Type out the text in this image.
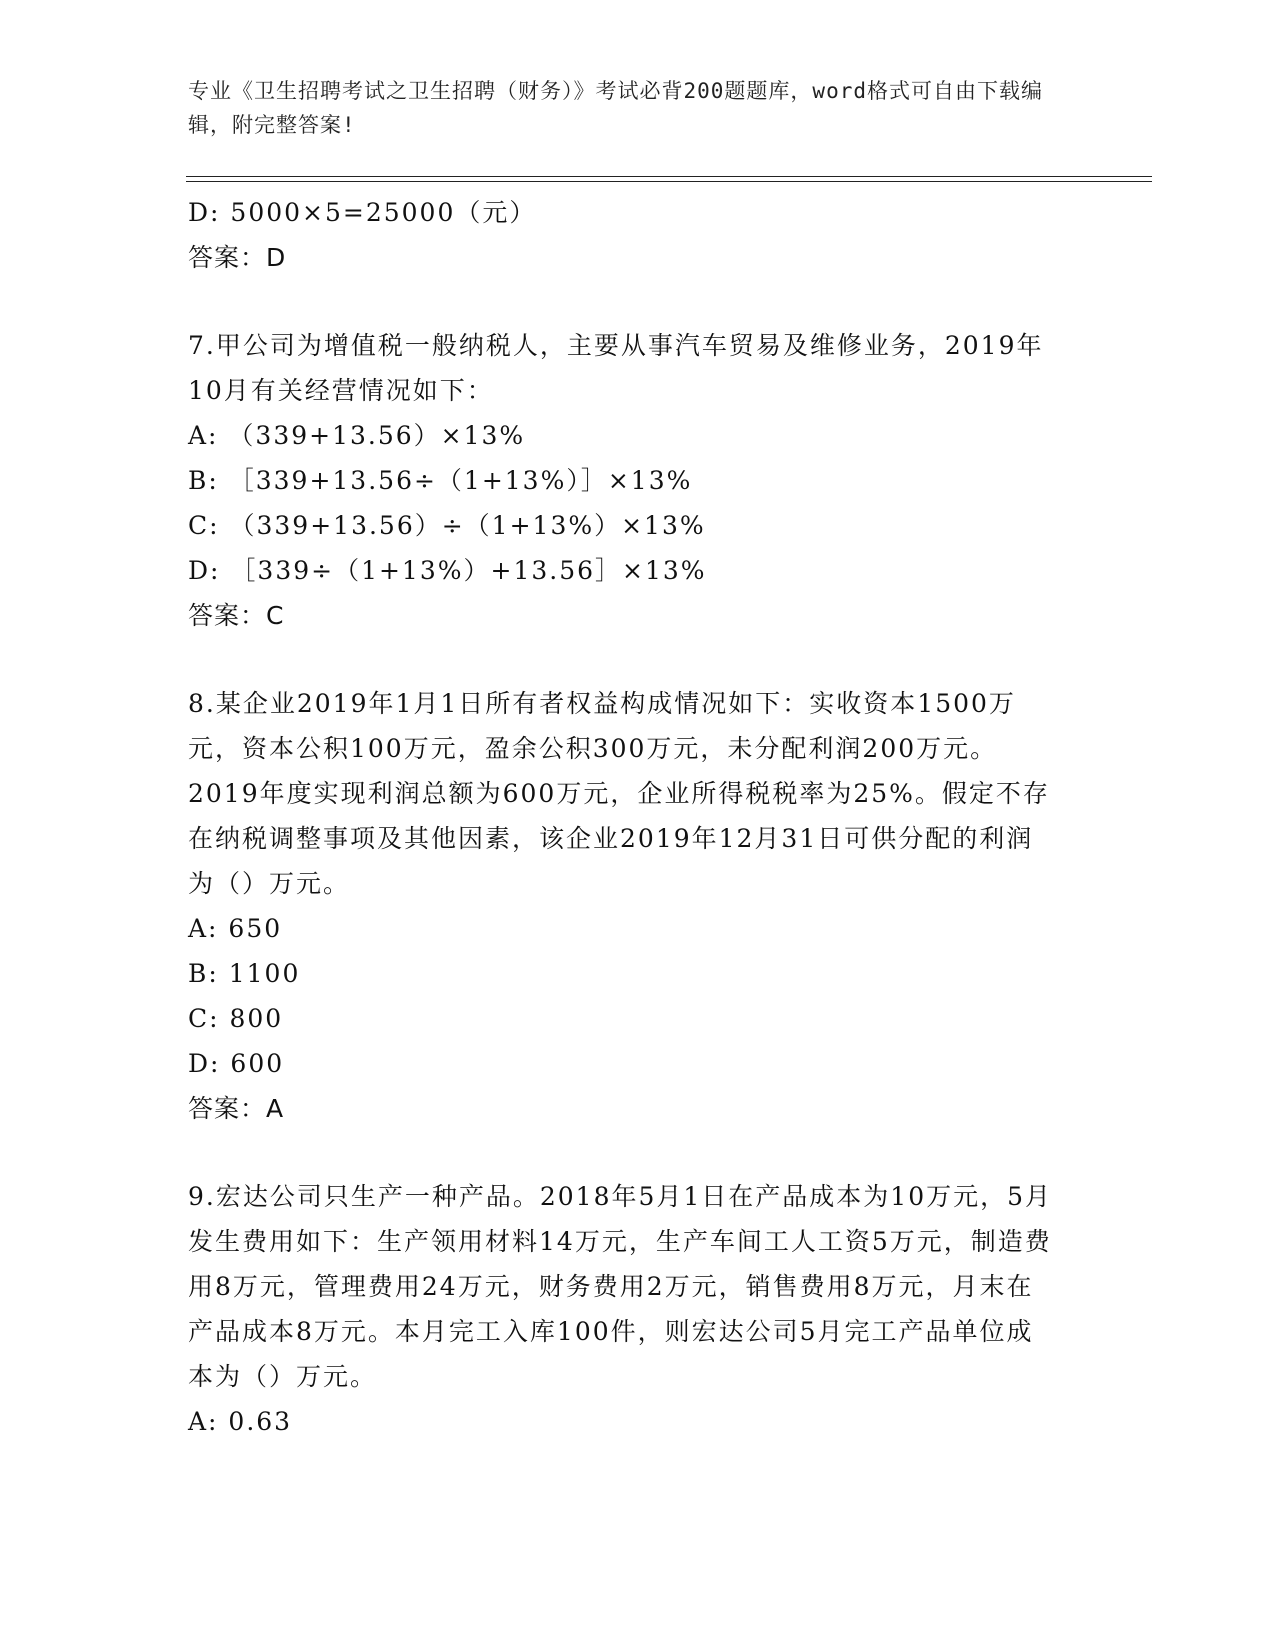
专业《卫生招聘考试之卫生招聘（财务）》考试必背200题题库，word格式可自由下载编辑，附完整答案!
D: 5000×5=25000（元）
答案：D
7.甲公司为增值税一般纳税人，主要从事汽车贸易及维修业务，2019年10月有关经营情况如下：
A: （339+13.56）×13%
B: ［339+13.56÷（1+13%）］×13%
C: （339+13.56）÷（1+13%）×13%
D: ［339÷（1+13%）+13.56］×13%
答案：C
8.某企业2019年1月1日所有者权益构成情况如下：实收资本1500万元，资本公积100万元，盈余公积300万元，未分配利润200万元。2019年度实现利润总额为600万元，企业所得税税率为25%。假定不存在纳税调整事项及其他因素，该企业2019年12月31日可供分配的利润为（）万元。
A: 650
B: 1100
C: 800
D: 600
答案：A
9.宏达公司只生产一种产品。2018年5月1日在产品成本为10万元，5月发生费用如下：生产领用材料14万元，生产车间工人工资5万元，制造费用8万元，管理费用24万元，财务费用2万元，销售费用8万元，月末在产品成本8万元。本月完工入库100件，则宏达公司5月完工产品单位成本为（）万元。
A: 0.63
